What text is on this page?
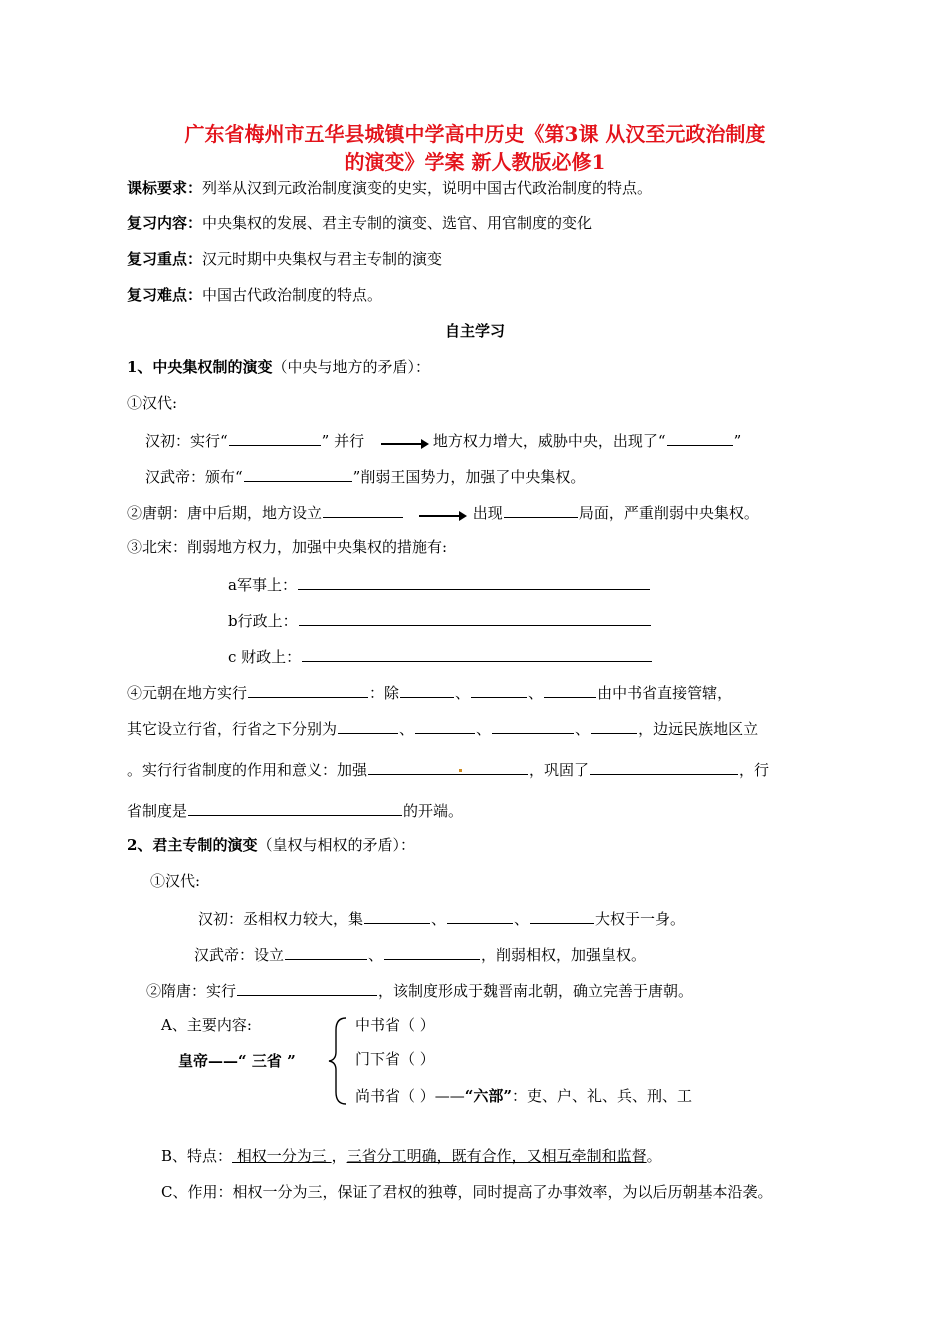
广东省梅州市五华县城镇中学高中历史《第3课 从汉至元政治制度
的演变》学案 新人教版必修1
课标要求：列举从汉到元政治制度演变的史实，说明中国古代政治制度的特点。
复习内容：中央集权的发展、君主专制的演变、选官、用官制度的变化
复习重点：汉元时期中央集权与君主专制的演变
复习难点：中国古代政治制度的特点。
自主学习
1、中央集权制的演变（中央与地方的矛盾）：
①汉代:
汉初：实行“	” 并行	地方权力增大，威胁中央，出现了“	”
汉武帝：颁布“	”削弱王国势力，加强了中央集权。
②唐朝：唐中后期，地方设立	出现	局面，严重削弱中央集权。
③北宋：削弱地方权力，加强中央集权的措施有:
a军事上：
b行政上：
c 财政上：
④元朝在地方实行	：除	、	、	由中书省直接管辖，
其它设立行省，行省之下分别为	、	、	、	，边远民族地区立
。实行行省制度的作用和意义：加强	，巩固了	，行
省制度是	的开端。
2、君主专制的演变（皇权与相权的矛盾）：
①汉代:
汉初：丞相权力较大，集	、	、	大权于一身。
汉武帝：设立	、	，削弱相权，加强皇权。
②隋唐：实行	，该制度形成于魏晋南北朝，确立完善于唐朝。
A、主要内容:	中书省（ ）
皇帝——“ 三省 ”	门下省（ ）
尚书省（ ）——“六部”：吏、户、礼、兵、刑、工
B、特点： 相权一分为三 ，三省分工明确，既有合作，又相互牵制和监督。
C、作用：相权一分为三，保证了君权的独尊，同时提高了办事效率，为以后历朝基本沿袭。
